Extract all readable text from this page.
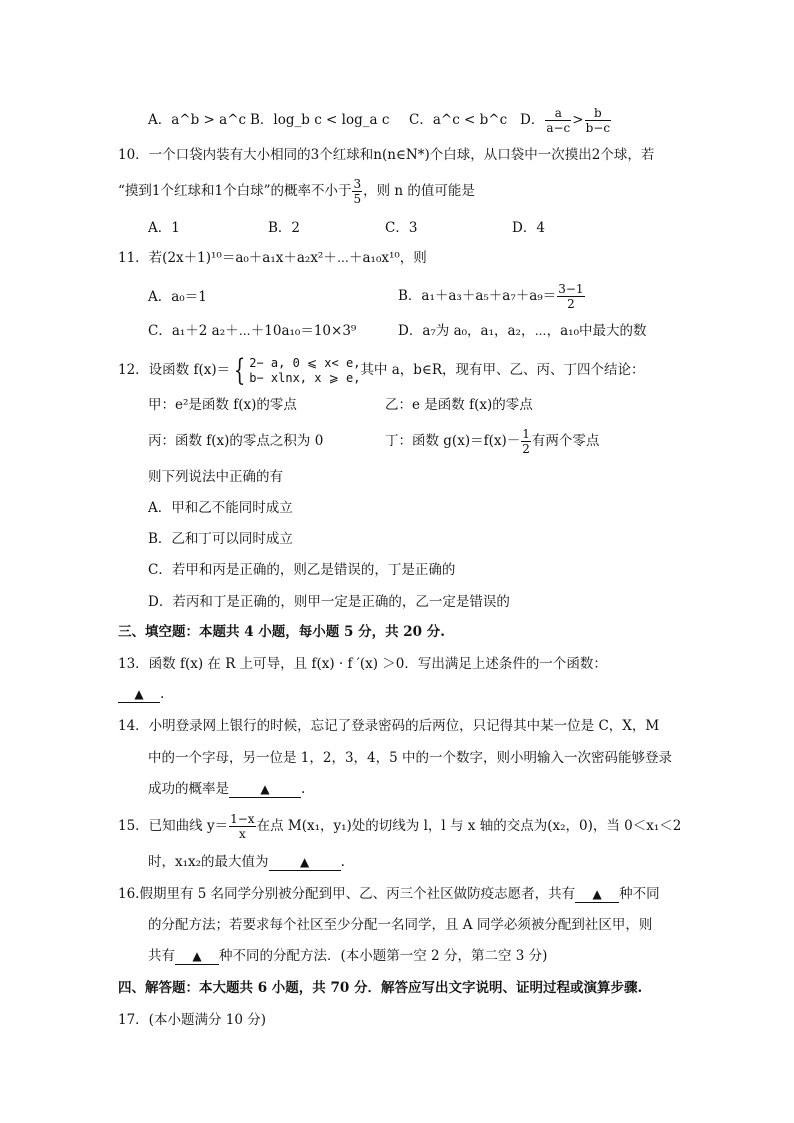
A．a^b > a^c B．log_b c < log_a c C．a^c < b^c D． $\frac{a}{a-c} > \frac{b}{b-c}$
10．一个口袋内装有大小相同的3个红球和n(n∈N*)个白球，从口袋中一次摸出2个球，若
“摸到1个红球和1个白球”的概率不小于 $\frac{3}{5}$ ，则 n 的值可能是
A．1	B．2	C．3	D．4
11．若(2x＋1)¹⁰＝a₀＋a₁x＋a₂x²＋⋯＋a₁₀x¹⁰，则
A．a₀＝1	B．$a_1+a_3+a_5+a_7+a_9= \frac{3-1}{2}$
C．a₁＋2 a₂＋⋯＋10a₁₀＝10×3⁹	D．a₇为 a₀，a₁，a₂，⋯，a₁₀中最大的数
12．设函数 f(x)＝ { 2− a, 0 ⩽ x< e,
b− xlnx, x ⩾ e, 其中 a，b∈R，现有甲、乙、丙、丁四个结论：
甲：e²是函数 f(x)的零点	乙：e 是函数 f(x)的零点
丙：函数 f(x)的零点之积为 0	丁：函数 $g(x)=f(x)- \frac{1}{2}$ 有两个零点
则下列说法中正确的有
A．甲和乙不能同时成立
B．乙和丁可以同时成立
C．若甲和丙是正确的，则乙是错误的，丁是正确的
D．若丙和丁是正确的，则甲一定是正确的，乙一定是错误的
三、填空题：本题共 4 小题，每小题 5 分，共 20 分.
13．函数 f(x) 在 R 上可导，且 f(x) · f ′(x) ＞0．写出满足上述条件的一个函数：
▲ .
14．小明登录网上银行的时候，忘记了登录密码的后两位，只记得其中某一位是 C，X，M
中的一个字母，另一位是 1，2，3，4，5 中的一个数字，则小明输入一次密码能够登录
成功的概率是	▲ .
15．已知曲线 $y= \frac{1-x}{x}$ 在点 M(x₁，y₁)处的切线为 l，l 与 x 轴的交点为(x₂，0)，当 0＜x₁＜2
时，x₁x₂的最大值为	▲ .
16.假期里有 5 名同学分别被分配到甲、乙、丙三个社区做防疫志愿者，共有 ▲ 种不同
的分配方法；若要求每个社区至少分配一名同学，且 A 同学必须被分配到社区甲，则
共有 ▲ 种不同的分配方法．(本小题第一空 2 分，第二空 3 分)
四、解答题：本大题共 6 小题，共 70 分．解答应写出文字说明、证明过程或演算步骤.
17．(本小题满分 10 分)
